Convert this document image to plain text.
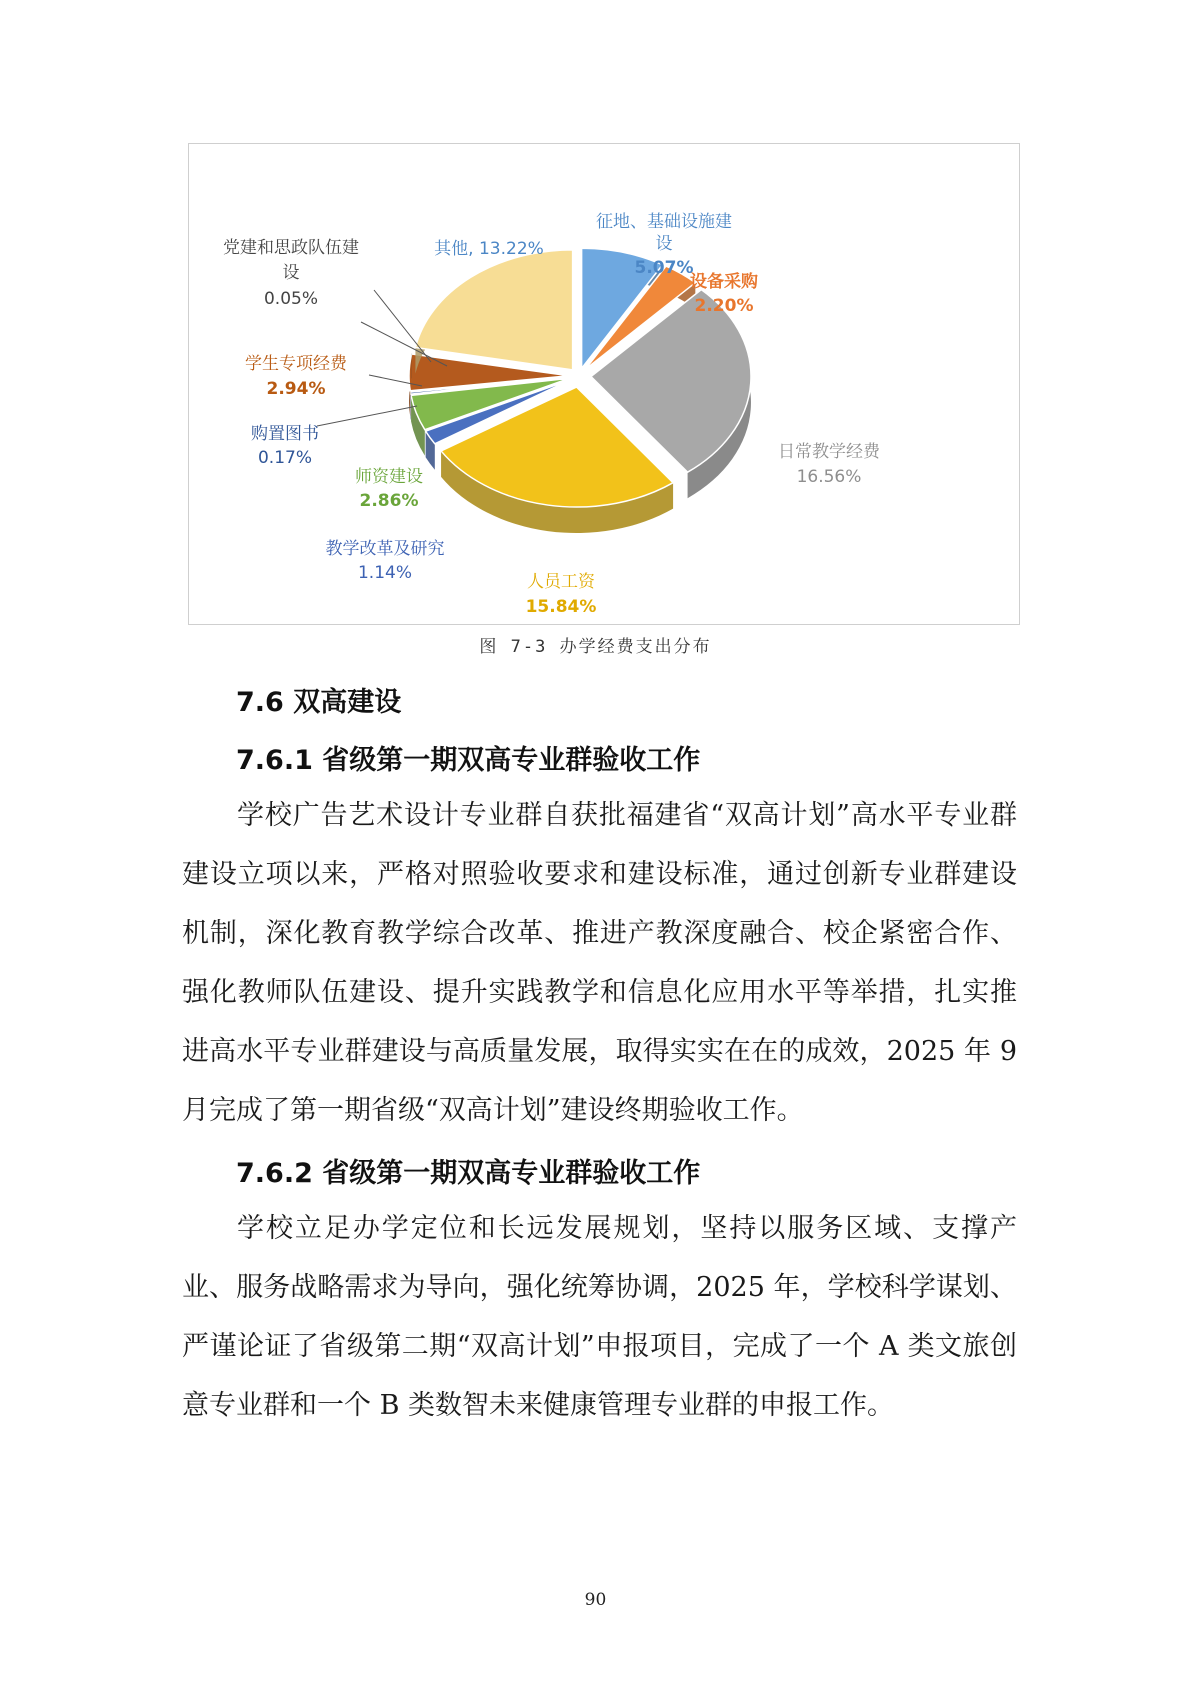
征地、基础设施建
设
5.07%
设备采购
2.20%
日常教学经费
16.56%
人员工资
15.84%
教学改革及研究
1.14%
师资建设
2.86%
购置图书
0.17%
学生专项经费
2.94%
党建和思政队伍建
设
0.05%
其他, 13.22%
图 7-3 办学经费支出分布
7.6 双高建设
7.6.1 省级第一期双高专业群验收工作

学校广告艺术设计专业群自获批福建省“双高计划”高水平专业群建设立项以来，严格对照验收要求和建设标准，通过创新专业群建设机制，深化教育教学综合改革、推进产教深度融合、校企紧密合作、强化教师队伍建设、提升实践教学和信息化应用水平等举措，扎实推进高水平专业群建设与高质量发展，取得实实在在的成效，2025 年 9 月完成了第一期省级“双高计划”建设终期验收工作。

7.6.2 省级第一期双高专业群验收工作

学校立足办学定位和长远发展规划，坚持以服务区域、支撑产业、服务战略需求为导向，强化统筹协调，2025 年，学校科学谋划、严谨论证了省级第二期“双高计划”申报项目，完成了一个 A 类文旅创意专业群和一个 B 类数智未来健康管理专业群的申报工作。

90
